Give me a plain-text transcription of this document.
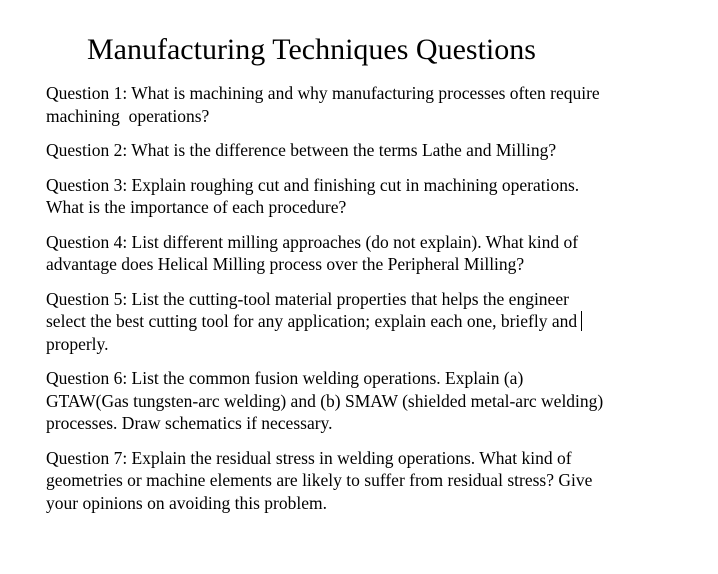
Manufacturing Techniques Questions
Question 1: What is machining and why manufacturing processes often require
machining  operations?
Question 2: What is the difference between the terms Lathe and Milling?
Question 3: Explain roughing cut and finishing cut in machining operations.
What is the importance of each procedure?
Question 4: List different milling approaches (do not explain). What kind of
advantage does Helical Milling process over the Peripheral Milling?
Question 5: List the cutting-tool material properties that helps the engineer
select the best cutting tool for any application; explain each one, briefly and
properly.
Question 6: List the common fusion welding operations. Explain (a)
GTAW(Gas tungsten-arc welding) and (b) SMAW (shielded metal-arc welding)
processes. Draw schematics if necessary.
Question 7: Explain the residual stress in welding operations. What kind of
geometries or machine elements are likely to suffer from residual stress? Give
your opinions on avoiding this problem.
